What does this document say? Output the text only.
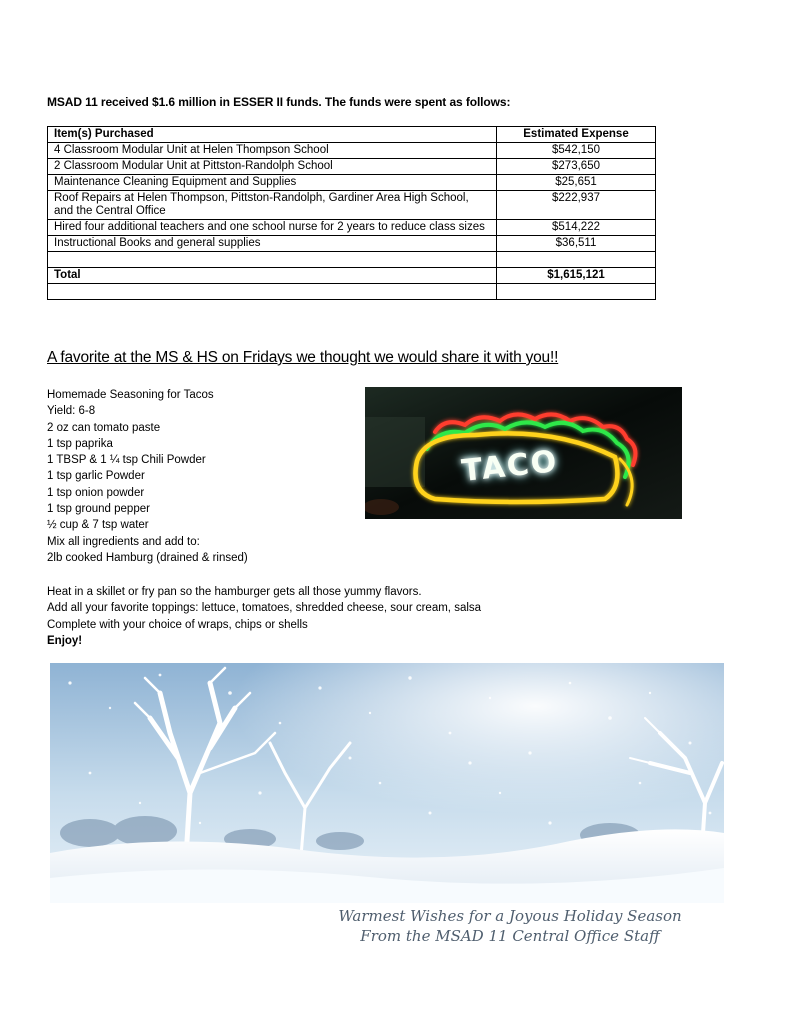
MSAD 11 received $1.6 million in ESSER II funds. The funds were spent as follows:
Item(s) Purchased	Estimated Expense
4 Classroom Modular Unit at Helen Thompson School	$542,150
2 Classroom Modular Unit at Pittston-Randolph School	$273,650
Maintenance Cleaning Equipment and Supplies	$25,651
Roof Repairs at Helen Thompson, Pittston-Randolph, Gardiner Area High School, and the Central Office	$222,937
Hired four additional teachers and one school nurse for 2 years to reduce class sizes	$514,222
Instructional Books and general supplies	$36,511

Total	$1,615,121

A favorite at the MS & HS on Fridays we thought we would share it with you!!
Homemade Seasoning for Tacos
Yield: 6-8
2 oz can tomato paste
1 tsp paprika
1 TBSP & 1 ¼ tsp Chili Powder
1 tsp garlic Powder
1 tsp onion powder
1 tsp ground pepper
½ cup & 7 tsp water
Mix all ingredients and add to:
2lb cooked Hamburg (drained & rinsed)
Heat in a skillet or fry pan so the hamburger gets all those yummy flavors.
Add all your favorite toppings: lettuce, tomatoes, shredded cheese, sour cream, salsa
Complete with your choice of wraps, chips or shells
Enjoy!
TACO
Warmest Wishes for a Joyous Holiday Season
From the MSAD 11 Central Office Staff
